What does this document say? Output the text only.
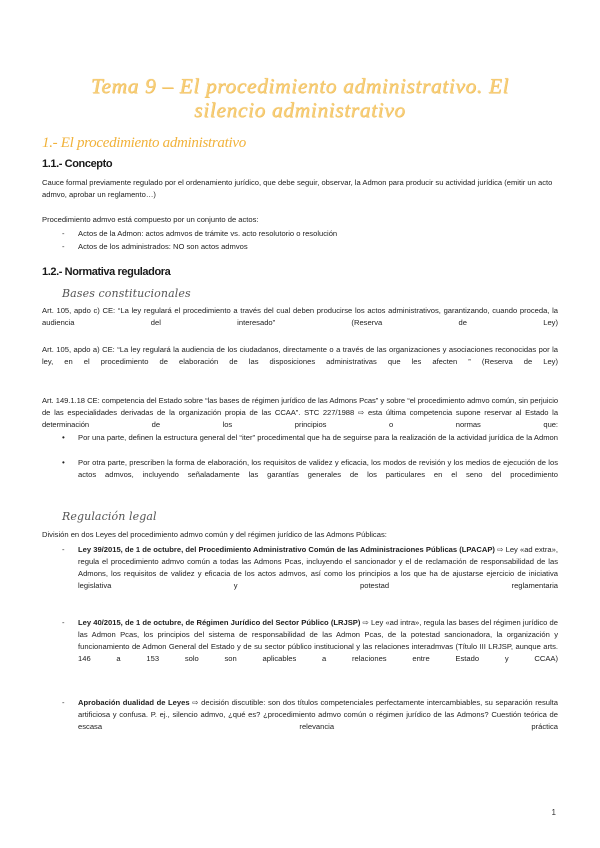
Tema 9 – El procedimiento administrativo. El
silencio administrativo
1.- El procedimiento administrativo
1.1.- Concepto
Cauce formal previamente regulado por el ordenamiento jurídico, que debe seguir, observar, la Admon para producir su actividad jurídica (emitir un acto admvo, aprobar un reglamento…)
Procedimiento admvo está compuesto por un conjunto de actos:
- Actos de la Admon: actos admvos de trámite vs. acto resolutorio o resolución
- Actos de los administrados: NO son actos admvos
1.2.- Normativa reguladora
Bases constitucionales
Art. 105, apdo c) CE: “La ley regulará el procedimiento a través del cual deben producirse los actos administrativos, garantizando, cuando proceda, la audiencia del interesado” (Reserva de Ley)
Art. 105, apdo a) CE: “La ley regulará la audiencia de los ciudadanos, directamente o a través de las organizaciones y asociaciones reconocidas por la ley, en el procedimiento de elaboración de las disposiciones administrativas que les afecten ” (Reserva de Ley)
Art. 149.1.18 CE: competencia del Estado sobre “las bases de régimen jurídico de las Admons Pcas” y sobre “el procedimiento admvo común, sin perjuicio de las especialidades derivadas de la organización propia de las CCAA”. STC 227/1988 ⇨ esta última competencia supone reservar al Estado la determinación de los principios o normas que:
• Por una parte, definen la estructura general del “iter” procedimental que ha de seguirse para la realización de la actividad jurídica de la Admon
• Por otra parte, prescriben la forma de elaboración, los requisitos de validez y eficacia, los modos de revisión y los medios de ejecución de los actos admvos, incluyendo señaladamente las garantías generales de los particulares en el seno del procedimiento
Regulación legal
División en dos Leyes del procedimiento admvo común y del régimen jurídico de las Admons Públicas:
- Ley 39/2015, de 1 de octubre, del Procedimiento Administrativo Común de las Administraciones Públicas (LPACAP) ⇨ Ley «ad extra», regula el procedimiento admvo común a todas las Admons Pcas, incluyendo el sancionador y el de reclamación de responsabilidad de las Admons, los requisitos de validez y eficacia de los actos admvos, así como los principios a los que ha de ajustarse ejercicio de iniciativa legislativa y potestad reglamentaria
- Ley 40/2015, de 1 de octubre, de Régimen Jurídico del Sector Público (LRJSP) ⇨ Ley «ad intra», regula las bases del régimen jurídico de las Admon Pcas, los principios del sistema de responsabilidad de las Admon Pcas, de la potestad sancionadora, la organización y funcionamiento de Admon General del Estado y de su sector público institucional y las relaciones interadmvas (Título III LRJSP, aunque arts. 146 a 153 solo son aplicables a relaciones entre Estado y CCAA)
- Aprobación dualidad de Leyes ⇨ decisión discutible: son dos títulos competenciales perfectamente intercambiables, su separación resulta artificiosa y confusa. P. ej., silencio admvo, ¿qué es? ¿procedimiento admvo común o régimen jurídico de las Admons? Cuestión teórica de escasa relevancia práctica
1
